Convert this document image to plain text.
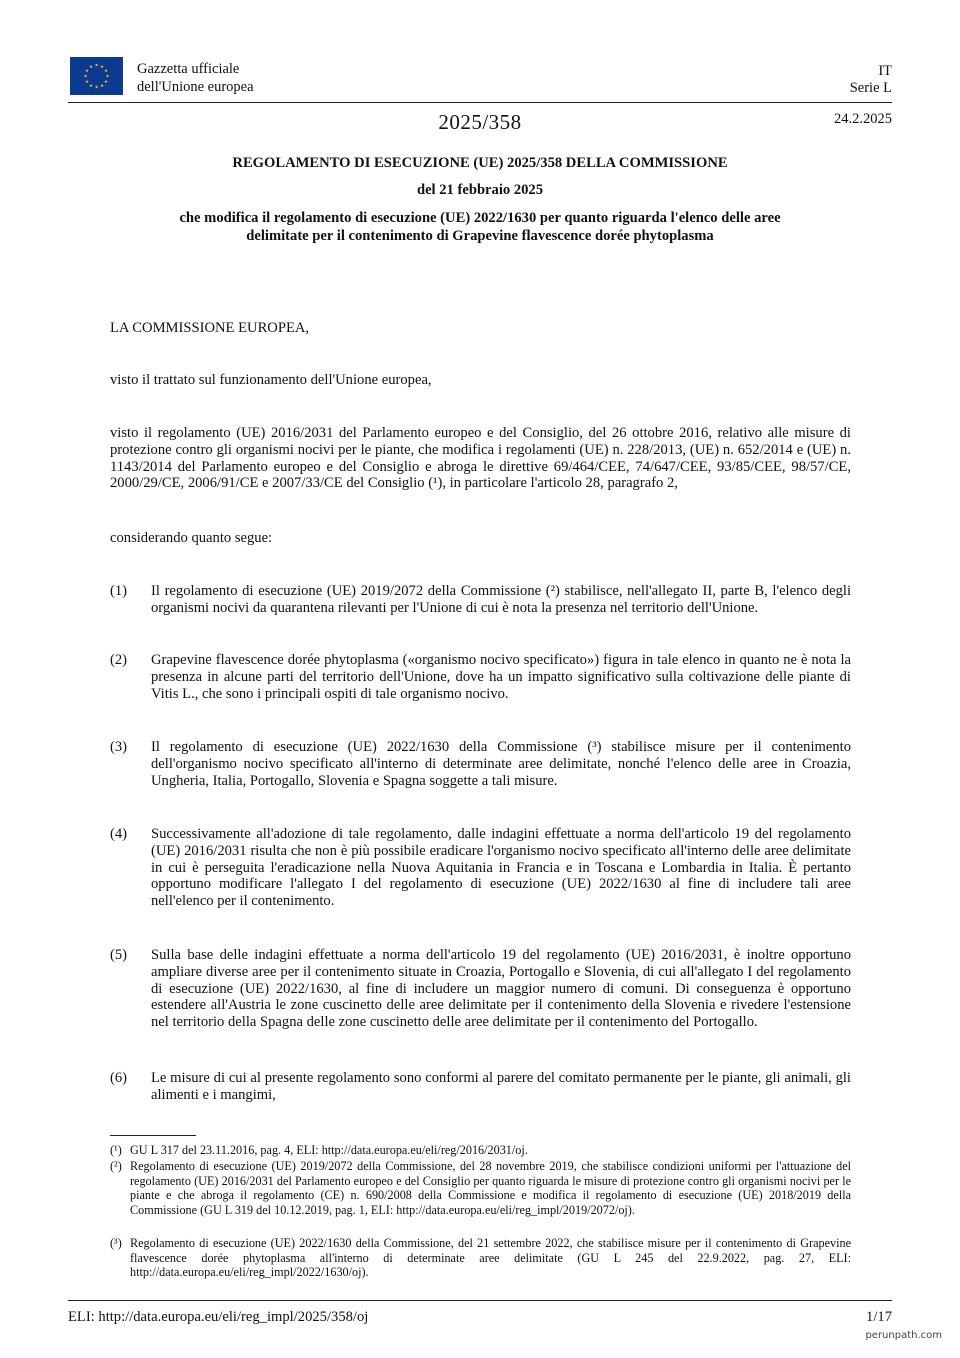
★ ★
★
★
★
★
★
★
★
★
★
★	Gazzetta ufficiale
dell'Unione europea
IT
Serie L
2025/358	24.2.2025
REGOLAMENTO DI ESECUZIONE (UE) 2025/358 DELLA COMMISSIONE
del 21 febbraio 2025
che modifica il regolamento di esecuzione (UE) 2022/1630 per quanto riguarda l'elenco delle aree
delimitate per il contenimento di Grapevine flavescence dorée phytoplasma
LA COMMISSIONE EUROPEA,
visto il trattato sul funzionamento dell'Unione europea,
visto il regolamento (UE) 2016/2031 del Parlamento europeo e del Consiglio, del 26 ottobre 2016, relativo alle misure di protezione contro gli organismi nocivi per le piante, che modifica i regolamenti (UE) n. 228/2013, (UE) n. 652/2014 e (UE) n. 1143/2014 del Parlamento europeo e del Consiglio e abroga le direttive 69/464/CEE, 74/647/CEE, 93/85/CEE, 98/57/CE, 2000/29/CE, 2006/91/CE e 2007/33/CE del Consiglio (¹), in particolare l'articolo 28, paragrafo 2,
considerando quanto segue:
(1) Il regolamento di esecuzione (UE) 2019/2072 della Commissione (²) stabilisce, nell'allegato II, parte B, l'elenco degli organismi nocivi da quarantena rilevanti per l'Unione di cui è nota la presenza nel territorio dell'Unione.
(2) Grapevine flavescence dorée phytoplasma («organismo nocivo specificato») figura in tale elenco in quanto ne è nota la presenza in alcune parti del territorio dell'Unione, dove ha un impatto significativo sulla coltivazione delle piante di Vitis L., che sono i principali ospiti di tale organismo nocivo.
(3) Il regolamento di esecuzione (UE) 2022/1630 della Commissione (³) stabilisce misure per il contenimento dell'organismo nocivo specificato all'interno di determinate aree delimitate, nonché l'elenco delle aree in Croazia, Ungheria, Italia, Portogallo, Slovenia e Spagna soggette a tali misure.
(4) Successivamente all'adozione di tale regolamento, dalle indagini effettuate a norma dell'articolo 19 del regolamento (UE) 2016/2031 risulta che non è più possibile eradicare l'organismo nocivo specificato all'interno delle aree delimitate in cui è perseguita l'eradicazione nella Nuova Aquitania in Francia e in Toscana e Lombardia in Italia. È pertanto opportuno modificare l'allegato I del regolamento di esecuzione (UE) 2022/1630 al fine di includere tali aree nell'elenco per il contenimento.
(5) Sulla base delle indagini effettuate a norma dell'articolo 19 del regolamento (UE) 2016/2031, è inoltre opportuno ampliare diverse aree per il contenimento situate in Croazia, Portogallo e Slovenia, di cui all'allegato I del regolamento di esecuzione (UE) 2022/1630, al fine di includere un maggior numero di comuni. Di conseguenza è opportuno estendere all'Austria le zone cuscinetto delle aree delimitate per il contenimento della Slovenia e rivedere l'estensione nel territorio della Spagna delle zone cuscinetto delle aree delimitate per il contenimento del Portogallo.
(6) Le misure di cui al presente regolamento sono conformi al parere del comitato permanente per le piante, gli animali, gli alimenti e i mangimi,
(¹) GU L 317 del 23.11.2016, pag. 4, ELI: http://data.europa.eu/eli/reg/2016/2031/oj.
(²) Regolamento di esecuzione (UE) 2019/2072 della Commissione, del 28 novembre 2019, che stabilisce condizioni uniformi per l'attuazione del regolamento (UE) 2016/2031 del Parlamento europeo e del Consiglio per quanto riguarda le misure di protezione contro gli organismi nocivi per le piante e che abroga il regolamento (CE) n. 690/2008 della Commissione e modifica il regolamento di esecuzione (UE) 2018/2019 della Commissione (GU L 319 del 10.12.2019, pag. 1, ELI: http://data.europa.eu/eli/reg_impl/2019/2072/oj).
(³) Regolamento di esecuzione (UE) 2022/1630 della Commissione, del 21 settembre 2022, che stabilisce misure per il contenimento di Grapevine flavescence dorée phytoplasma all'interno di determinate aree delimitate (GU L 245 del 22.9.2022, pag. 27, ELI: http://data.europa.eu/eli/reg_impl/2022/1630/oj).
ELI: http://data.europa.eu/eli/reg_impl/2025/358/oj	1/17
perunpath.com
